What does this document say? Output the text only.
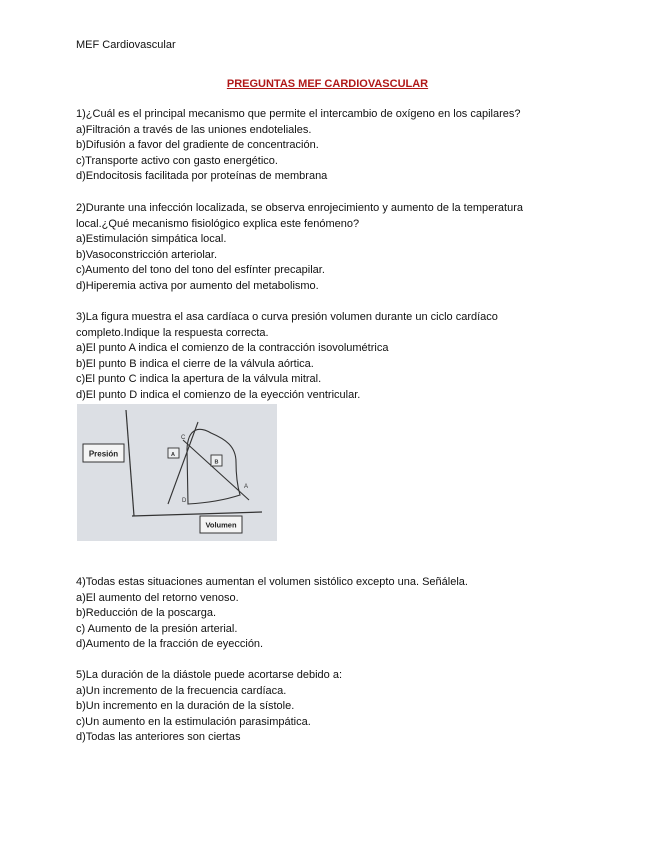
MEF Cardiovascular
PREGUNTAS MEF CARDIOVASCULAR
1)¿Cuál es el principal mecanismo que permite el intercambio de oxígeno en los capilares?
a)Filtración a través de las uniones endoteliales.
b)Difusión a favor del gradiente de concentración.
c)Transporte activo con gasto energético.
d)Endocitosis facilitada por proteínas de membrana
2)Durante una infección localizada, se observa enrojecimiento y aumento de la temperatura
local.¿Qué mecanismo fisiológico explica este fenómeno?
a)Estimulación simpática local.
b)Vasoconstricción arteriolar.
c)Aumento del tono del tono del esfínter precapilar.
d)Hiperemia activa por aumento del metabolismo.
3)La figura muestra el asa cardíaca o curva presión volumen durante un ciclo cardíaco
completo.Indique la respuesta correcta.
a)El punto A indica el comienzo de la contracción isovolumétrica
b)El punto B indica el cierre de la válvula aórtica.
c)El punto C indica la apertura de la válvula mitral.
d)El punto D indica el comienzo de la eyección ventricular.
Presión
Volumen
C
D
A
A
B
4)Todas estas situaciones aumentan el volumen sistólico excepto una. Señálela.
a)El aumento del retorno venoso.
b)Reducción de la poscarga.
c) Aumento de la presión arterial.
d)Aumento de la fracción de eyección.
5)La duración de la diástole puede acortarse debido a:
a)Un incremento de la frecuencia cardíaca.
b)Un incremento en la duración de la sístole.
c)Un aumento en la estimulación parasimpática.
d)Todas las anteriores son ciertas
